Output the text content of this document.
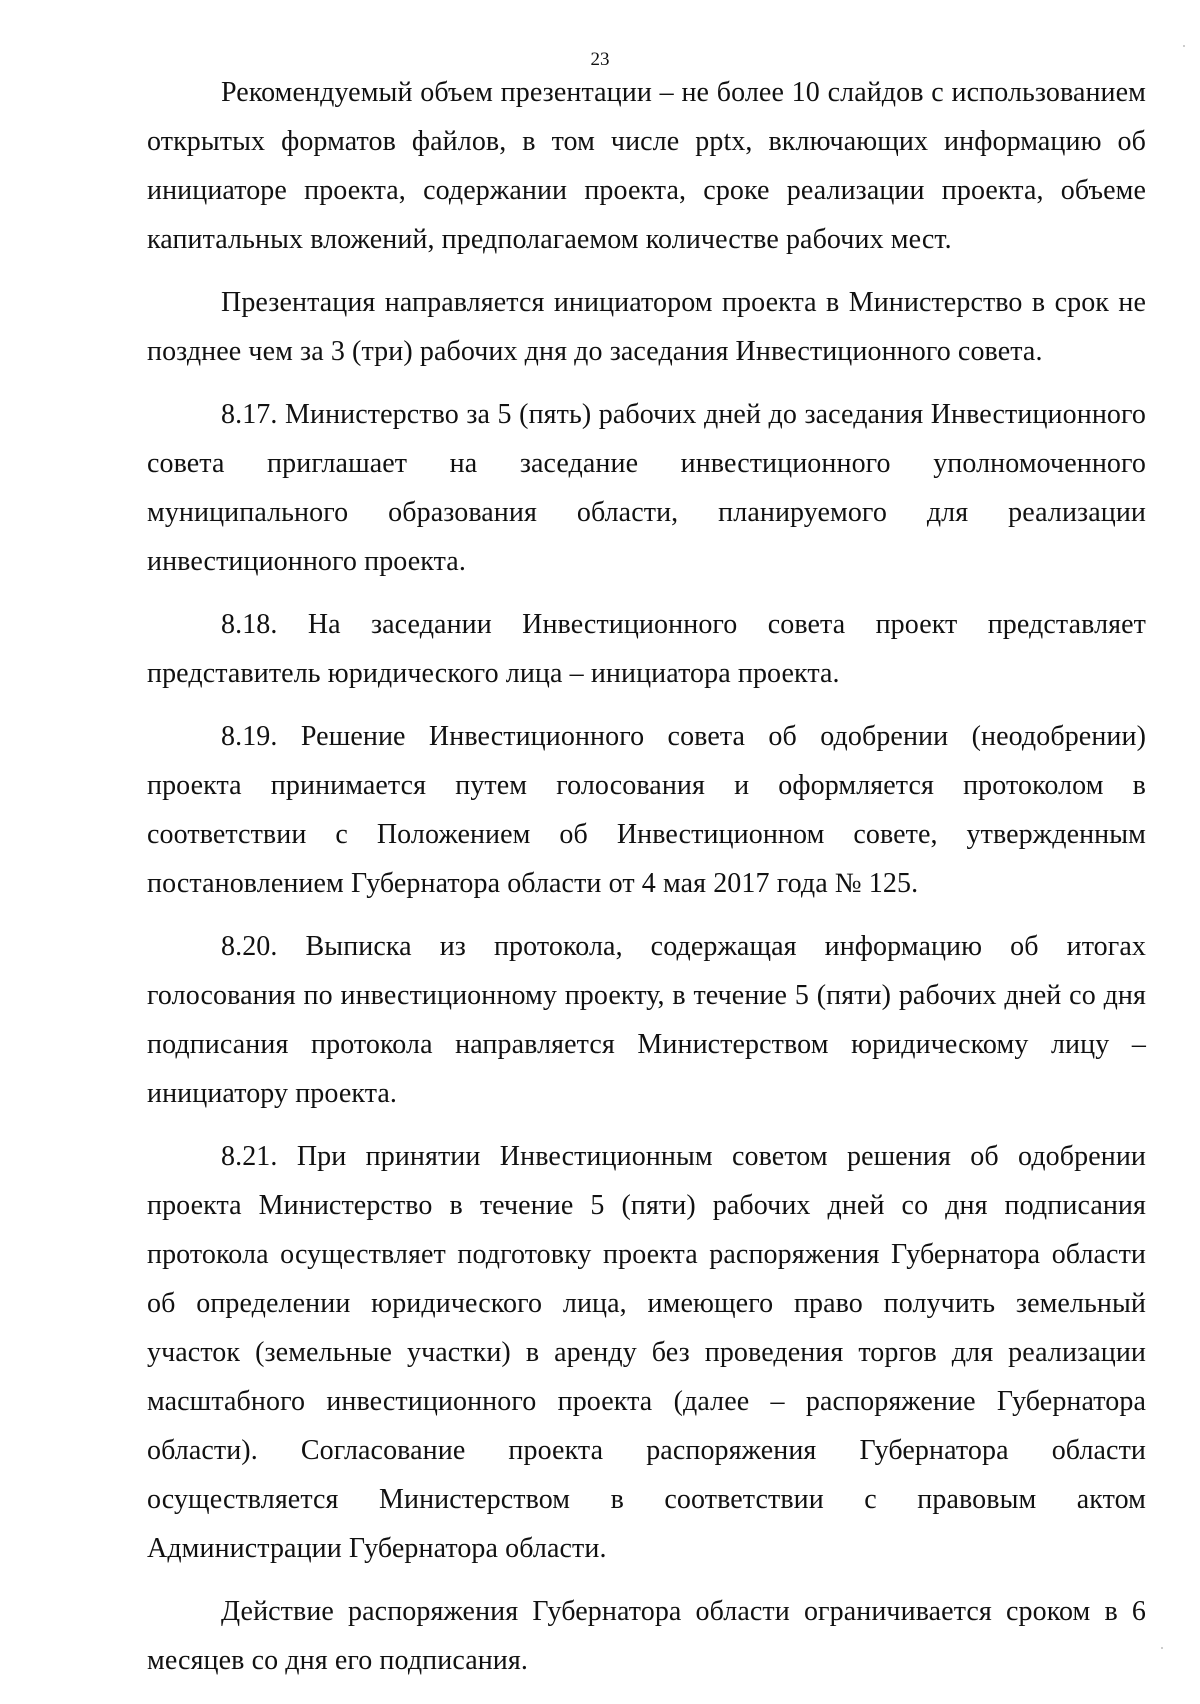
23

Рекомендуемый объем презентации – не более 10 слайдов с использованием открытых форматов файлов, в том числе pptx, включающих информацию об инициаторе проекта, содержании проекта, сроке реализации проекта, объеме капитальных вложений, предполагаемом количестве рабочих мест.

Презентация направляется инициатором проекта в Министерство в срок не позднее чем за 3 (три) рабочих дня до заседания Инвестиционного совета.

8.17. Министерство за 5 (пять) рабочих дней до заседания Инвестиционного совета приглашает на заседание инвестиционного уполномоченного муниципального образования области, планируемого для реализации инвестиционного проекта.

8.18. На заседании Инвестиционного совета проект представляет представитель юридического лица – инициатора проекта.

8.19. Решение Инвестиционного совета об одобрении (неодобрении) проекта принимается путем голосования и оформляется протоколом в соответствии с Положением об Инвестиционном совете, утвержденным постановлением Губернатора области от 4 мая 2017 года № 125.

8.20. Выписка из протокола, содержащая информацию об итогах голосования по инвестиционному проекту, в течение 5 (пяти) рабочих дней со дня подписания протокола направляется Министерством юридическому лицу – инициатору проекта.

8.21. При принятии Инвестиционным советом решения об одобрении проекта Министерство в течение 5 (пяти) рабочих дней со дня подписания протокола осуществляет подготовку проекта распоряжения Губернатора области об определении юридического лица, имеющего право получить земельный участок (земельные участки) в аренду без проведения торгов для реализации масштабного инвестиционного проекта (далее – распоряжение Губернатора области). Согласование проекта распоряжения Губернатора области осуществляется Министерством в соответствии с правовым актом Администрации Губернатора области.

Действие распоряжения Губернатора области ограничивается сроком в 6 месяцев со дня его подписания.
